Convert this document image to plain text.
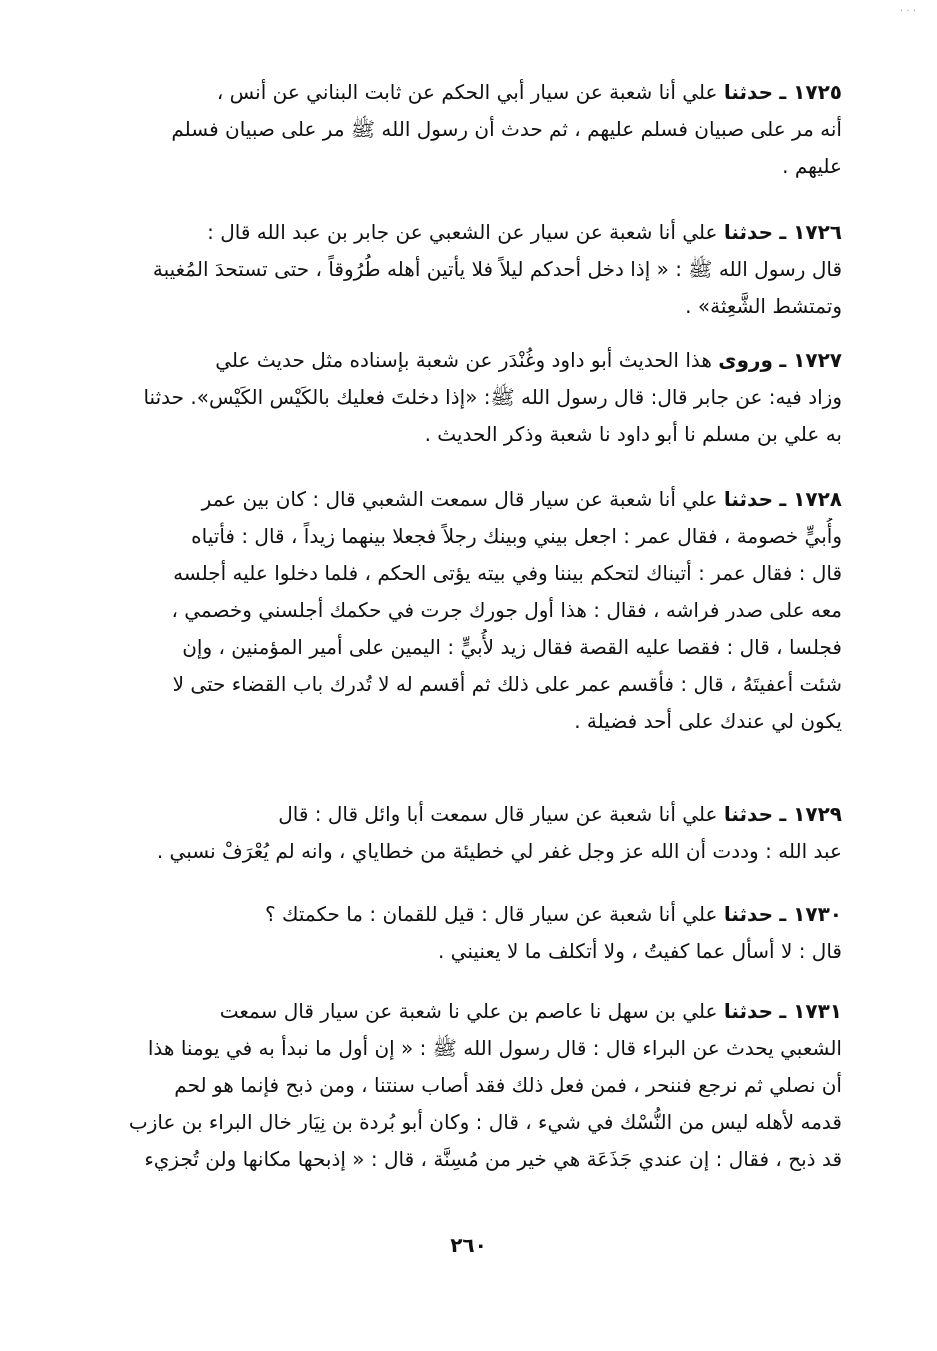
· · ·
١٧٢٥ ـ حدثنا علي أنا شعبة عن سيار أبي الحكم عن ثابت البناني عن أنس ،
أنه مر على صبيان فسلم عليهم ، ثم حدث أن رسول الله ﷺ مر على صبيان فسلم
عليهم .
١٧٢٦ ـ حدثنا علي أنا شعبة عن سيار عن الشعبي عن جابر بن عبد الله قال :
قال رسول الله ﷺ : « إذا دخل أحدكم ليلاً فلا يأتين أهله طُرُوقاً ، حتى تستحدَ المُغيبة
وتمتشط الشَّعِثة» .
١٧٢٧ ـ وروى هذا الحديث أبو داود وغُنْدَر عن شعبة بإسناده مثل حديث علي
وزاد فيه: عن جابر قال: قال رسول الله ﷺ: «إذا دخلتَ فعليك بالكَيْس الكَيْس». حدثنا
به علي بن مسلم نا أبو داود نا شعبة وذكر الحديث .
١٧٢٨ ـ حدثنا علي أنا شعبة عن سيار قال سمعت الشعبي قال : كان بين عمر
وأُبيٍّ خصومة ، فقال عمر : اجعل بيني وبينك رجلاً فجعلا بينهما زيداً ، قال : فأتياه
قال : فقال عمر : أتيناك لتحكم بيننا وفي بيته يؤتى الحكم ، فلما دخلوا عليه أجلسه
معه على صدر فراشه ، فقال : هذا أول جورك جرت في حكمك أجلسني وخصمي ،
فجلسا ، قال : فقصا عليه القصة فقال زيد لأُبيٍّ : اليمين على أمير المؤمنين ، وإن
شئت أعفيتَهُ ، قال : فأقسم عمر على ذلك ثم أقسم له لا تُدرك باب القضاء حتى لا
يكون لي عندك على أحد فضيلة .
١٧٢٩ ـ حدثنا علي أنا شعبة عن سيار قال سمعت أبا وائل قال : قال
عبد الله : وددت أن الله عز وجل غفر لي خطيئة من خطاياي ، وانه لم يُعْرَفْ نسبي .
١٧٣٠ ـ حدثنا علي أنا شعبة عن سيار قال : قيل للقمان : ما حكمتك ؟
قال : لا أسأل عما كفيتُ ، ولا أتكلف ما لا يعنيني .
١٧٣١ ـ حدثنا علي بن سهل نا عاصم بن علي نا شعبة عن سيار قال سمعت
الشعبي يحدث عن البراء قال : قال رسول الله ﷺ : « إن أول ما نبدأ به في يومنا هذا
أن نصلي ثم نرجع فننحر ، فمن فعل ذلك فقد أصاب سنتنا ، ومن ذبح فإنما هو لحم
قدمه لأهله ليس من النُّسْك في شيء ، قال : وكان أبو بُردة بن نِيَار خال البراء بن عازب
قد ذبح ، فقال : إن عندي جَذَعَة هي خير من مُسِنَّة ، قال : « إذبحها مكانها ولن تُجزيء
٢٦٠
